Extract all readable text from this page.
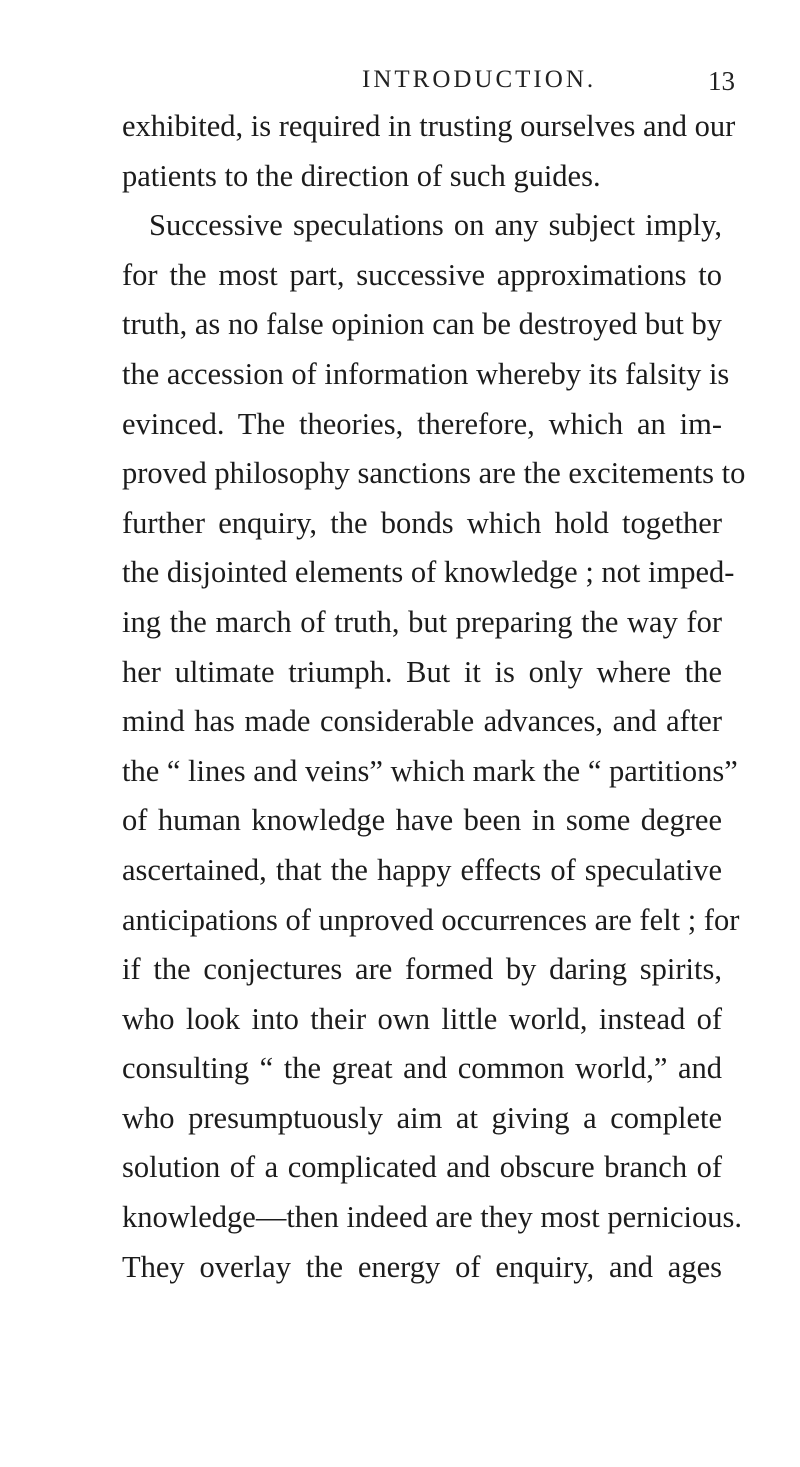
INTRODUCTION.	13
exhibited, is required in trusting ourselves and our
patients to the direction of such guides.
Successive speculations on any subject imply,
for the most part, successive approximations to
truth, as no false opinion can be destroyed but by
the accession of information whereby its falsity is
evinced. The theories, therefore, which an im-
proved philosophy sanctions are the excitements to
further enquiry, the bonds which hold together
the disjointed elements of knowledge ; not imped-
ing the march of truth, but preparing the way for
her ultimate triumph. But it is only where the
mind has made considerable advances, and after
the “ lines and veins” which mark the “ partitions”
of human knowledge have been in some degree
ascertained, that the happy effects of speculative
anticipations of unproved occurrences are felt ; for
if the conjectures are formed by daring spirits,
who look into their own little world, instead of
consulting “ the great and common world,” and
who presumptuously aim at giving a complete
solution of a complicated and obscure branch of
knowledge—then indeed are they most pernicious.
They overlay the energy of enquiry, and ages
